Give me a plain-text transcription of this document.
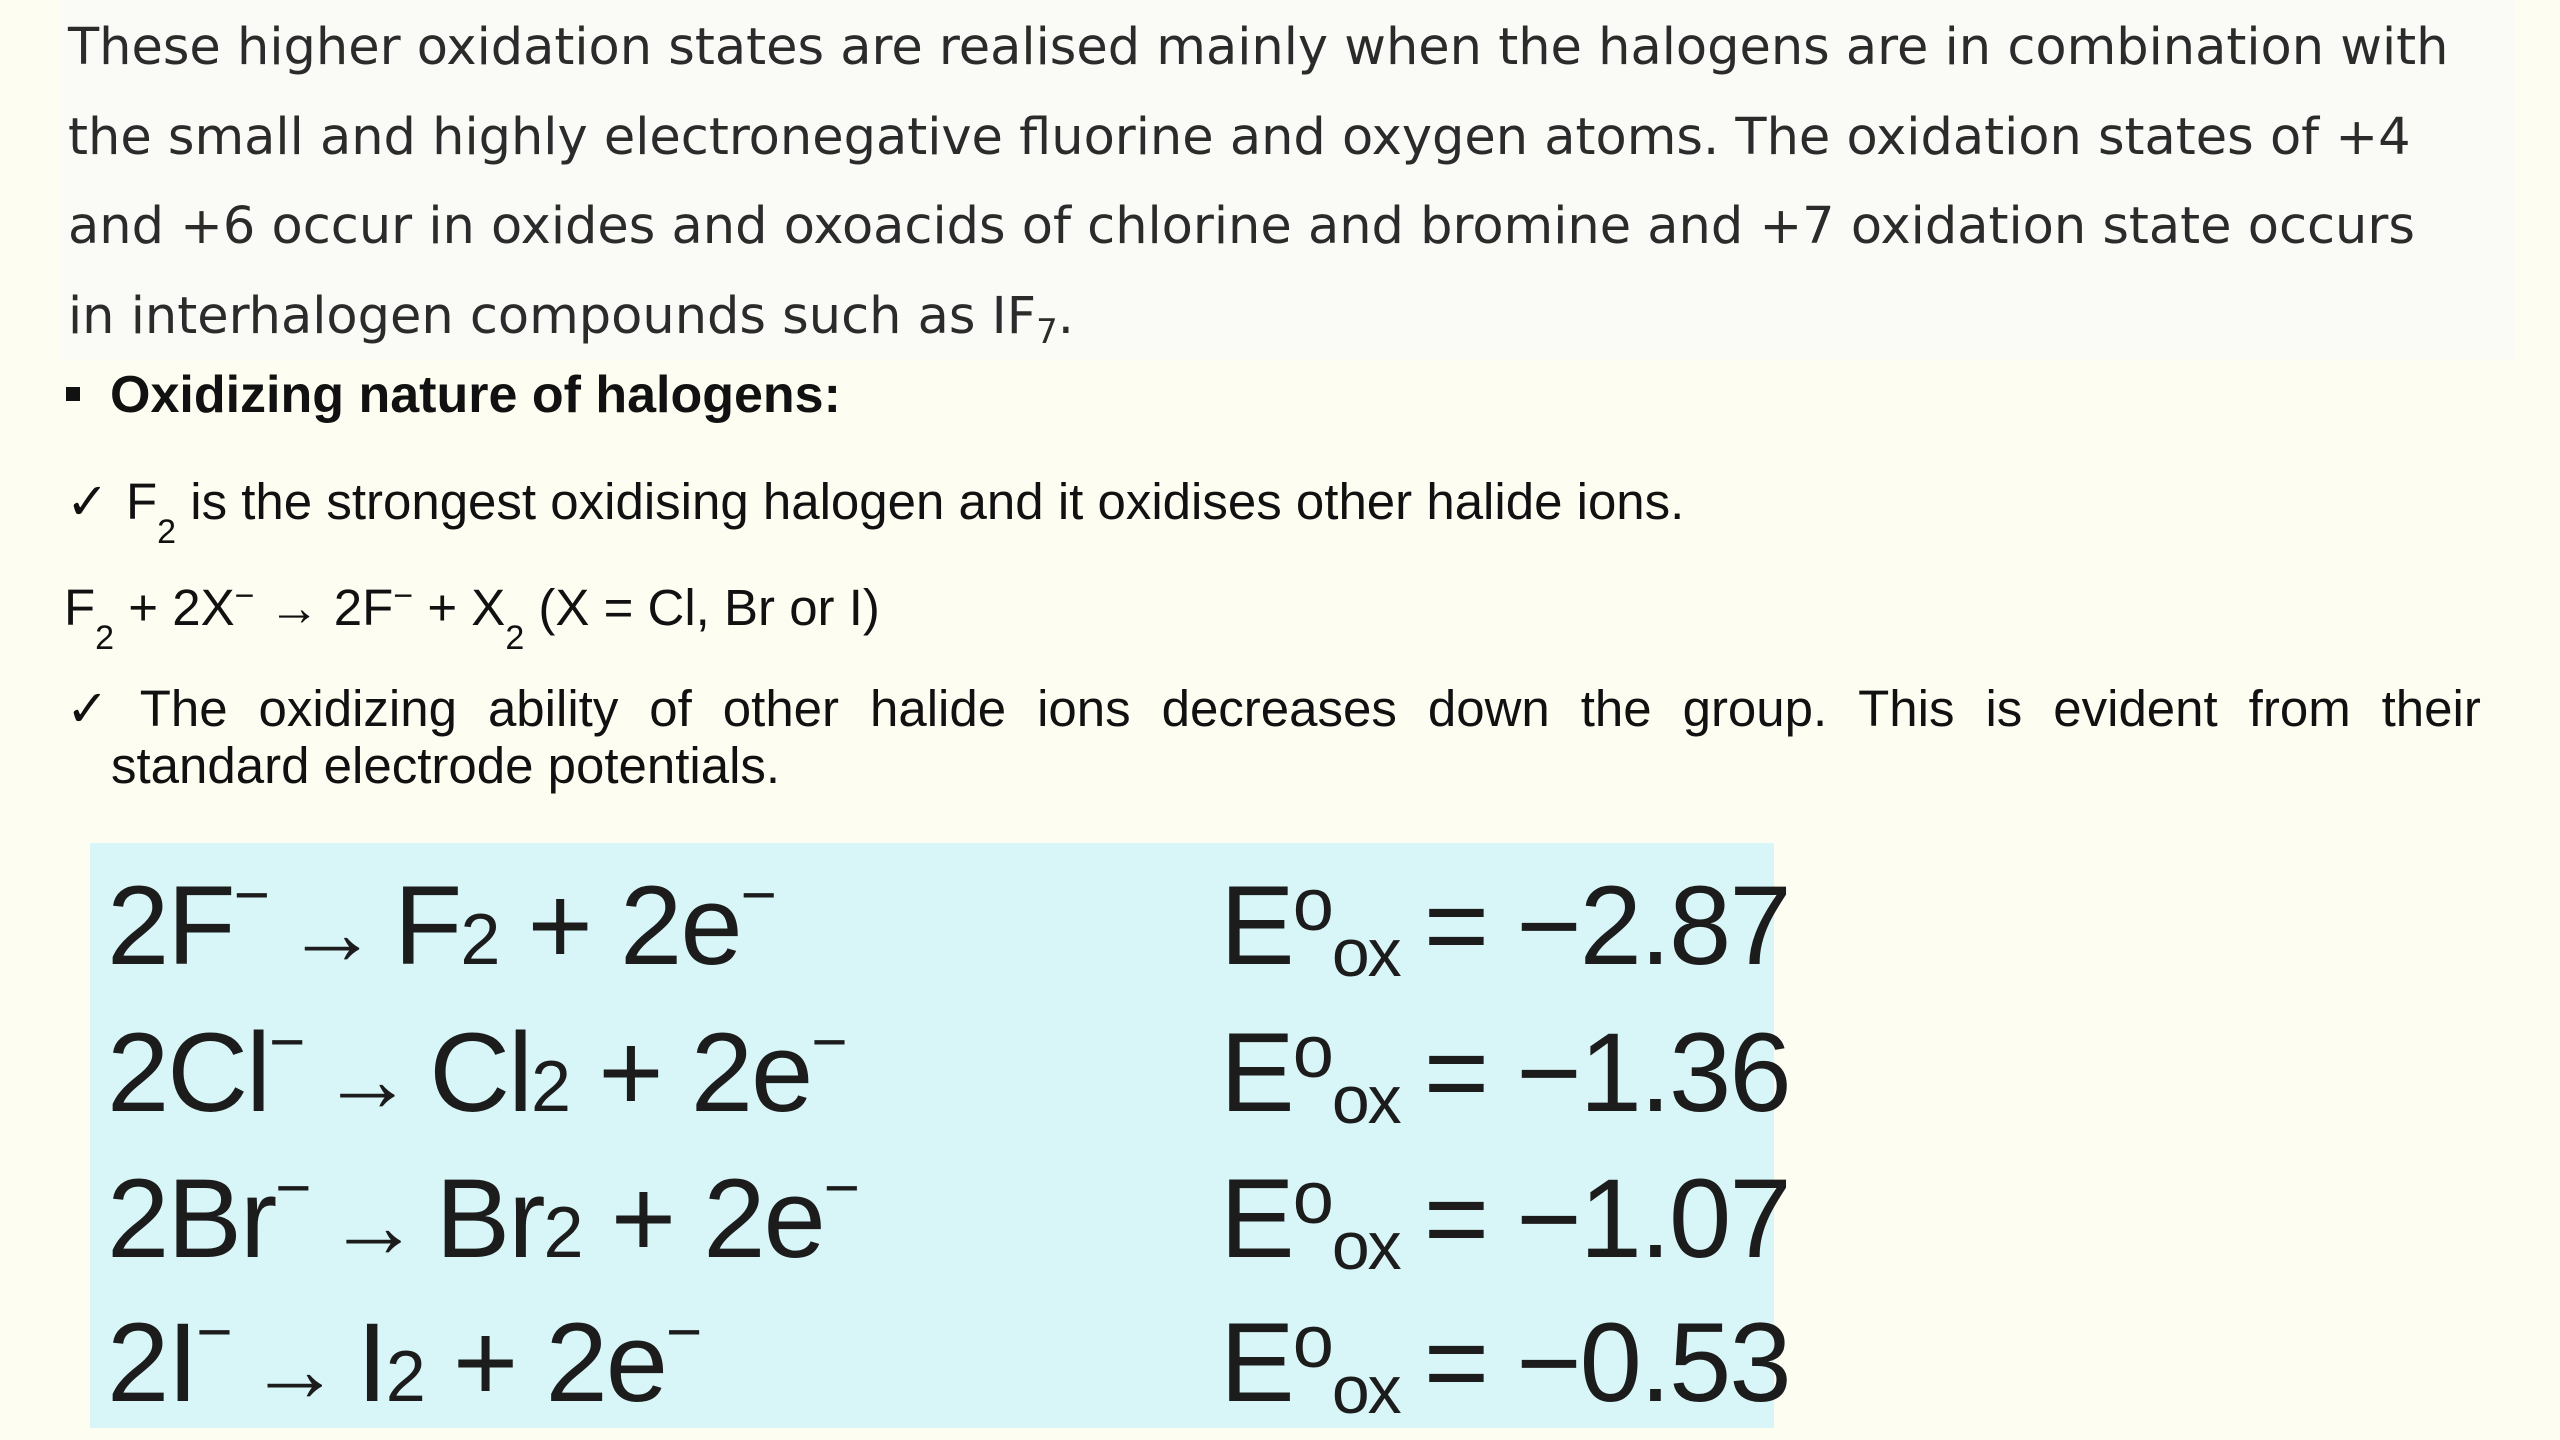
These higher oxidation states are realised mainly when the halogens are in combination with
the small and highly electronegative fluorine and oxygen atoms. The oxidation states of +4
and +6 occur in oxides and oxoacids of chlorine and bromine and +7 oxidation state occurs
in interhalogen compounds such as IF7.
Oxidizing nature of halogens:
✓ $F_2$ is the strongest oxidising halogen and it oxidises other halide ions.
$F_2 + 2X^- \to 2F^- + X_2$ (X = Cl, Br or I)
✓ The oxidizing ability of other halide ions decreases down the group. This is evident from their
standard electrode potentials.
2F− → F2 + 2e−	$E^oox = -2.87$
2Cl− → Cl2 + 2e−	$E^oox = -1.36$
2Br− → Br2 + 2e−	$E^oox = -1.07$
2I− → I2 + 2e−	$E^oox = -0.53$
